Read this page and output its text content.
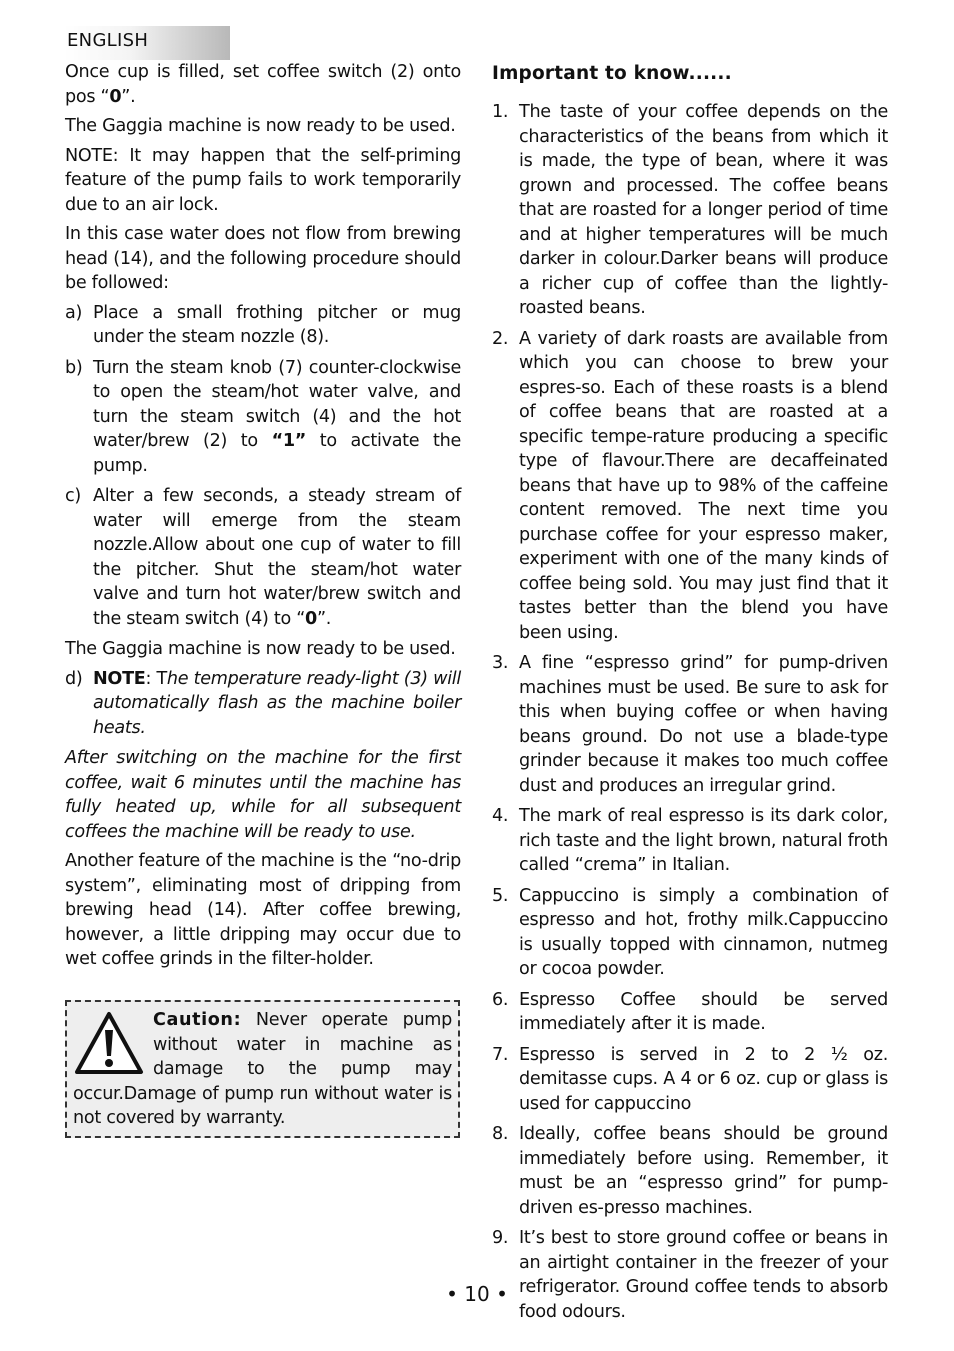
ENGLISH

Once cup is filled, set coffee switch (2) onto pos “0”.

The Gaggia machine is now ready to be used.

NOTE: It may happen that the self-priming feature of the pump fails to work temporarily due to an air lock.

In this case water does not flow from brewing head (14), and the following procedure should be followed:

a) Place a small frothing pitcher or mug under the steam nozzle (8).
b) Turn the steam knob (7) counter-clockwise to open the steam/hot water valve, and turn the steam switch (4) and the hot water/brew (2) to “1” to activate the pump.
c) Alter a few seconds, a steady stream of water will emerge from the steam nozzle.Allow about one cup of water to fill the pitcher. Shut the steam/hot water valve and turn hot water/brew switch and the steam switch (4) to “0”.

The Gaggia machine is now ready to be used.

d) NOTE: The temperature ready-light (3) will automatically flash as the machine boiler heats.

After switching on the machine for the first coffee, wait 6 minutes until the machine has fully heated up, while for all subsequent coffees the machine will be ready to use.

Another feature of the machine is the “no-drip system”, eliminating most of dripping from brewing head (14). After coffee brewing, however, a little dripping may occur due to wet coffee grinds in the filter-holder.

Caution: Never operate pump without water in machine as damage to the pump may occur.Damage of pump run without water is not covered by warranty.
Important to know......
1. The taste of your coffee depends on the characteristics of the beans from which it is made, the type of bean, where it was grown and processed. The coffee beans that are roasted for a longer period of time and at higher temperatures will be much darker in colour.Darker beans will produce a richer cup of coffee than the lightly-roasted beans.
2. A variety of dark roasts are available from which you can choose to brew your espres-so. Each of these roasts is a blend of coffee beans that are roasted at a specific tempe-rature producing a specific type of flavour.There are decaffeinated beans that have up to 98% of the caffeine content removed. The next time you purchase coffee for your espresso maker, experiment with one of the many kinds of coffee being sold. You may just find that it tastes better than the blend you have been using.
3. A fine “espresso grind” for pump-driven machines must be used. Be sure to ask for this when buying coffee or when having beans ground. Do not use a blade-type grinder because it makes too much coffee dust and produces an irregular grind.
4. The mark of real espresso is its dark color, rich taste and the light brown, natural froth called “crema” in Italian.
5. Cappuccino is simply a combination of espresso and hot, frothy milk.Cappuccino is usually topped with cinnamon, nutmeg or cocoa powder.
6. Espresso Coffee should be served immediately after it is made.
7. Espresso is served in 2 to 2 ½ oz. demitasse cups. A 4 or 6 oz. cup or glass is used for cappuccino
8. Ideally, coffee beans should be ground immediately before using. Remember, it must be an “espresso grind” for pump-driven es-presso machines.
9. It’s best to store ground coffee or beans in an airtight container in the freezer of your refrigerator. Ground coffee tends to absorb food odours.
• 10 •
